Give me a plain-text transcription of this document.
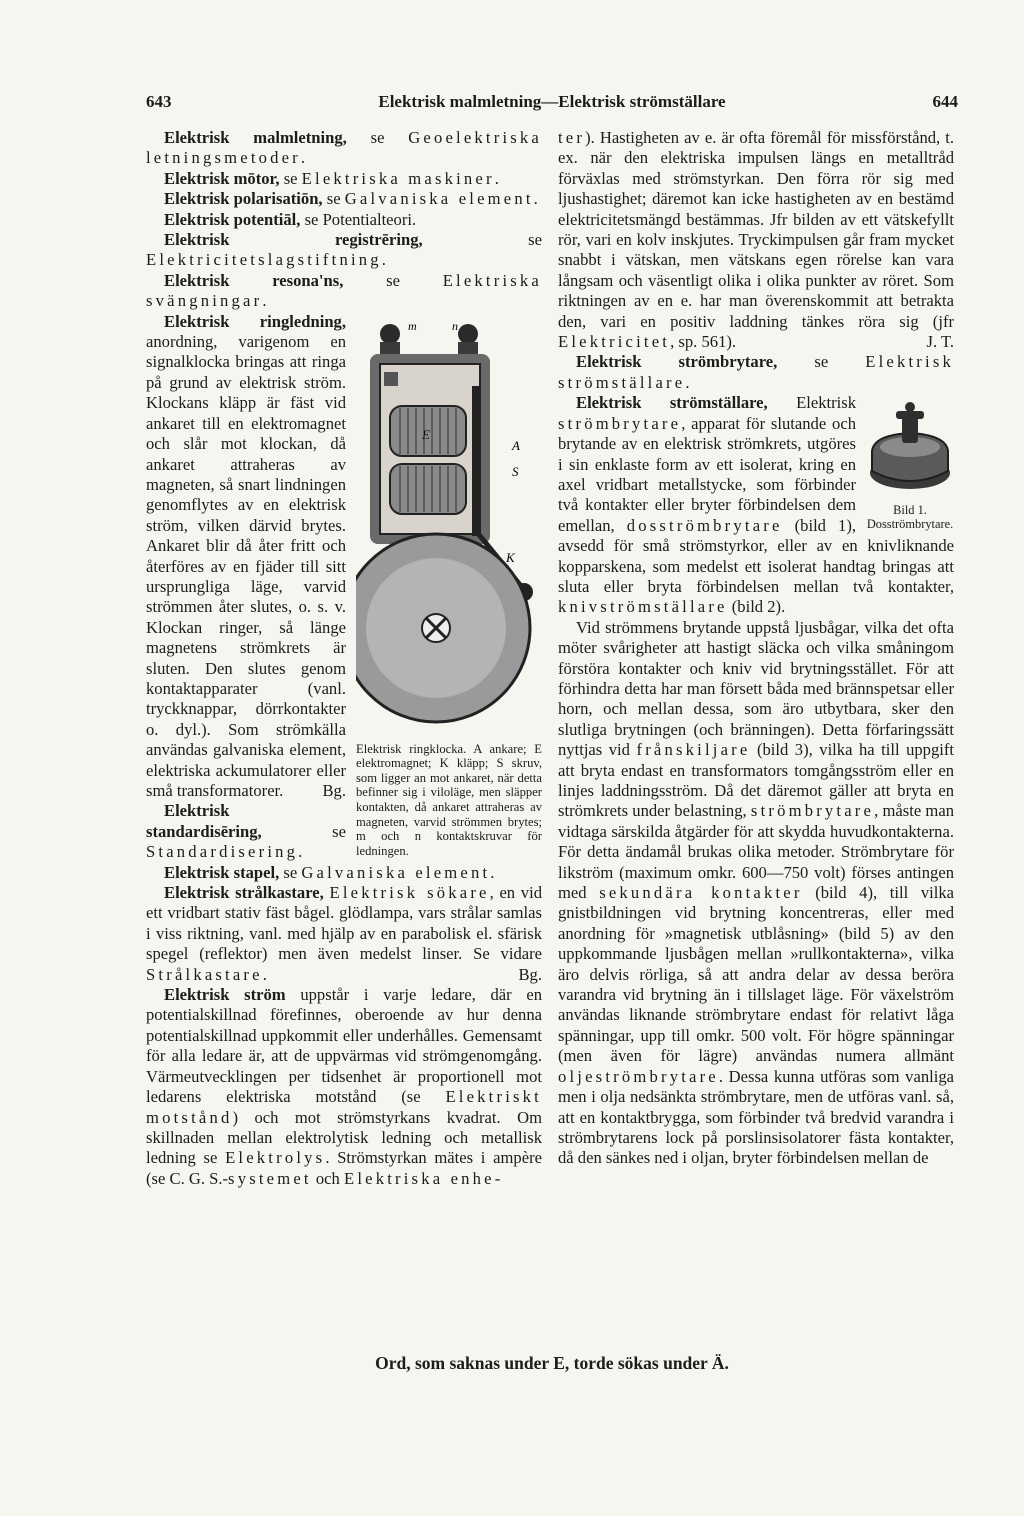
643	Elektrisk malmletning—Elektrisk strömställare	644

Elektrisk malmletning, se Geoelektriska letningsmetoder.

Elektrisk mōtor, se Elektriska maskiner.

Elektrisk polarisatiōn, se Galvaniska element.

Elektrisk potentiāl, se Potentialteori.

Elektrisk registrēring, se Elektricitetslagstiftning.

Elektrisk resona'ns, se Elektriska svängningar.

m	n
E
A
S
K
Elektrisk ringklocka. A ankare; E elektromagnet; K kläpp; S skruv, som ligger an mot ankaret, när detta befinner sig i viloläge, men släpper kontakten, då ankaret attraheras av magneten, varvid strömmen brytes; m och n kontaktskruvar för ledningen.

Elektrisk ringledning, anordning, varigenom en signalklocka bringas att ringa på grund av elektrisk ström. Klockans kläpp är fäst vid ankaret till en elektromagnet och slår mot klockan, då ankaret attraheras av magneten, så snart lindningen genomflytes av en elektrisk ström, vilken därvid brytes. Ankaret blir då åter fritt och återföres av en fjäder till sitt ursprungliga läge, varvid strömmen åter slutes, o. s. v. Klockan ringer, så länge magnetens strömkrets är sluten. Den slutes genom kontaktapparater (vanl. tryckknappar, dörrkontakter o. dyl.). Som strömkälla användas galvaniska element, elektriska ackumulatorer eller små transformatorer.	Bg.

Elektrisk standardisēring, se Standardisering.

Elektrisk stapel, se Galvaniska element.

Elektrisk strålkastare, Elektrisk sökare, en vid ett vridbart stativ fäst bågel. glödlampa, vars strålar samlas i viss riktning, vanl. med hjälp av en parabolisk el. sfärisk spegel (reflektor) men även medelst linser. Se vidare Strålkastare.	Bg.

Elektrisk ström uppstår i varje ledare, där en potentialskillnad förefinnes, oberoende av hur denna potentialskillnad uppkommit eller underhålles. Gemensamt för alla ledare är, att de uppvärmas vid strömgenomgång. Värmeutvecklingen per tidsenhet är proportionell mot ledarens elektriska motstånd (se Elektriskt motstånd) och mot strömstyrkans kvadrat. Om skillnaden mellan elektrolytisk ledning och metallisk ledning se Elektrolys. Strömstyrkan mätes i ampère (se C. G. S.-systemet och Elektriska enhe-

ter). Hastigheten av e. är ofta föremål för missförstånd, t. ex. när den elektriska impulsen längs en metalltråd förväxlas med strömstyrkan. Den förra rör sig med ljushastighet; däremot kan icke hastigheten av en bestämd elektricitetsmängd bestämmas. Jfr bilden av ett vätskefyllt rör, vari en kolv inskjutes. Tryckimpulsen går fram mycket snabbt i vätskan, men vätskans egen rörelse kan vara långsam och väsentligt olika i olika punkter av röret. Som riktningen av en e. har man överenskommit att betrakta den, vari en positiv laddning tänkes röra sig (jfr Elektricitet, sp. 561).	J. T.

Elektrisk strömbrytare, se Elektrisk strömställare.

Bild 1.
Dosströmbrytare.

Elektrisk strömställare, Elektrisk strömbrytare, apparat för slutande och brytande av en elektrisk strömkrets, utgöres i sin enklaste form av ett isolerat, kring en axel vridbart metallstycke, som förbinder två kontakter eller bryter förbindelsen dem emellan, dosströmbrytare (bild 1), avsedd för små strömstyrkor, eller av en knivliknande kopparskena, som medelst ett isolerat handtag bringas att sluta eller bryta förbindelsen mellan två kontakter, knivströmställare (bild 2).

Vid strömmens brytande uppstå ljusbågar, vilka det ofta möter svårigheter att hastigt släcka och vilka småningom förstöra kontakter och kniv vid brytningsstället. För att förhindra detta har man försett båda med brännspetsar eller horn, och mellan dessa, som äro utbytbara, sker den slutliga brytningen (och bränningen). Detta förfaringssätt nyttjas vid frånskiljare (bild 3), vilka ha till uppgift att bryta endast en transformators tomgångsström eller en linjes laddningsström. Då det däremot gäller att bryta en strömkrets under belastning, strömbrytare, måste man vidtaga särskilda åtgärder för att skydda huvudkontakterna. För detta ändamål brukas olika metoder. Strömbrytare för likström (maximum omkr. 600—750 volt) förses antingen med sekundära kontakter (bild 4), till vilka gnistbildningen vid brytning koncentreras, eller med anordning för »magnetisk utblåsning» (bild 5) av den uppkommande ljusbågen mellan »rullkontakterna», vilka äro delvis rörliga, så att andra delar av dessa beröra varandra vid brytning än i tillslaget läge. För växelström användas liknande strömbrytare endast för relativt låga spänningar, upp till omkr. 500 volt. För högre spänningar (men även för lägre) användas numera allmänt oljeströmbrytare. Dessa kunna utföras som vanliga men i olja nedsänkta strömbrytare, men de utföras vanl. så, att en kontaktbrygga, som förbinder två bredvid varandra i strömbrytarens lock på porslinsisolatorer fästa kontakter, då den sänkes ned i oljan, bryter förbindelsen mellan de

Ord, som saknas under E, torde sökas under Ä.
